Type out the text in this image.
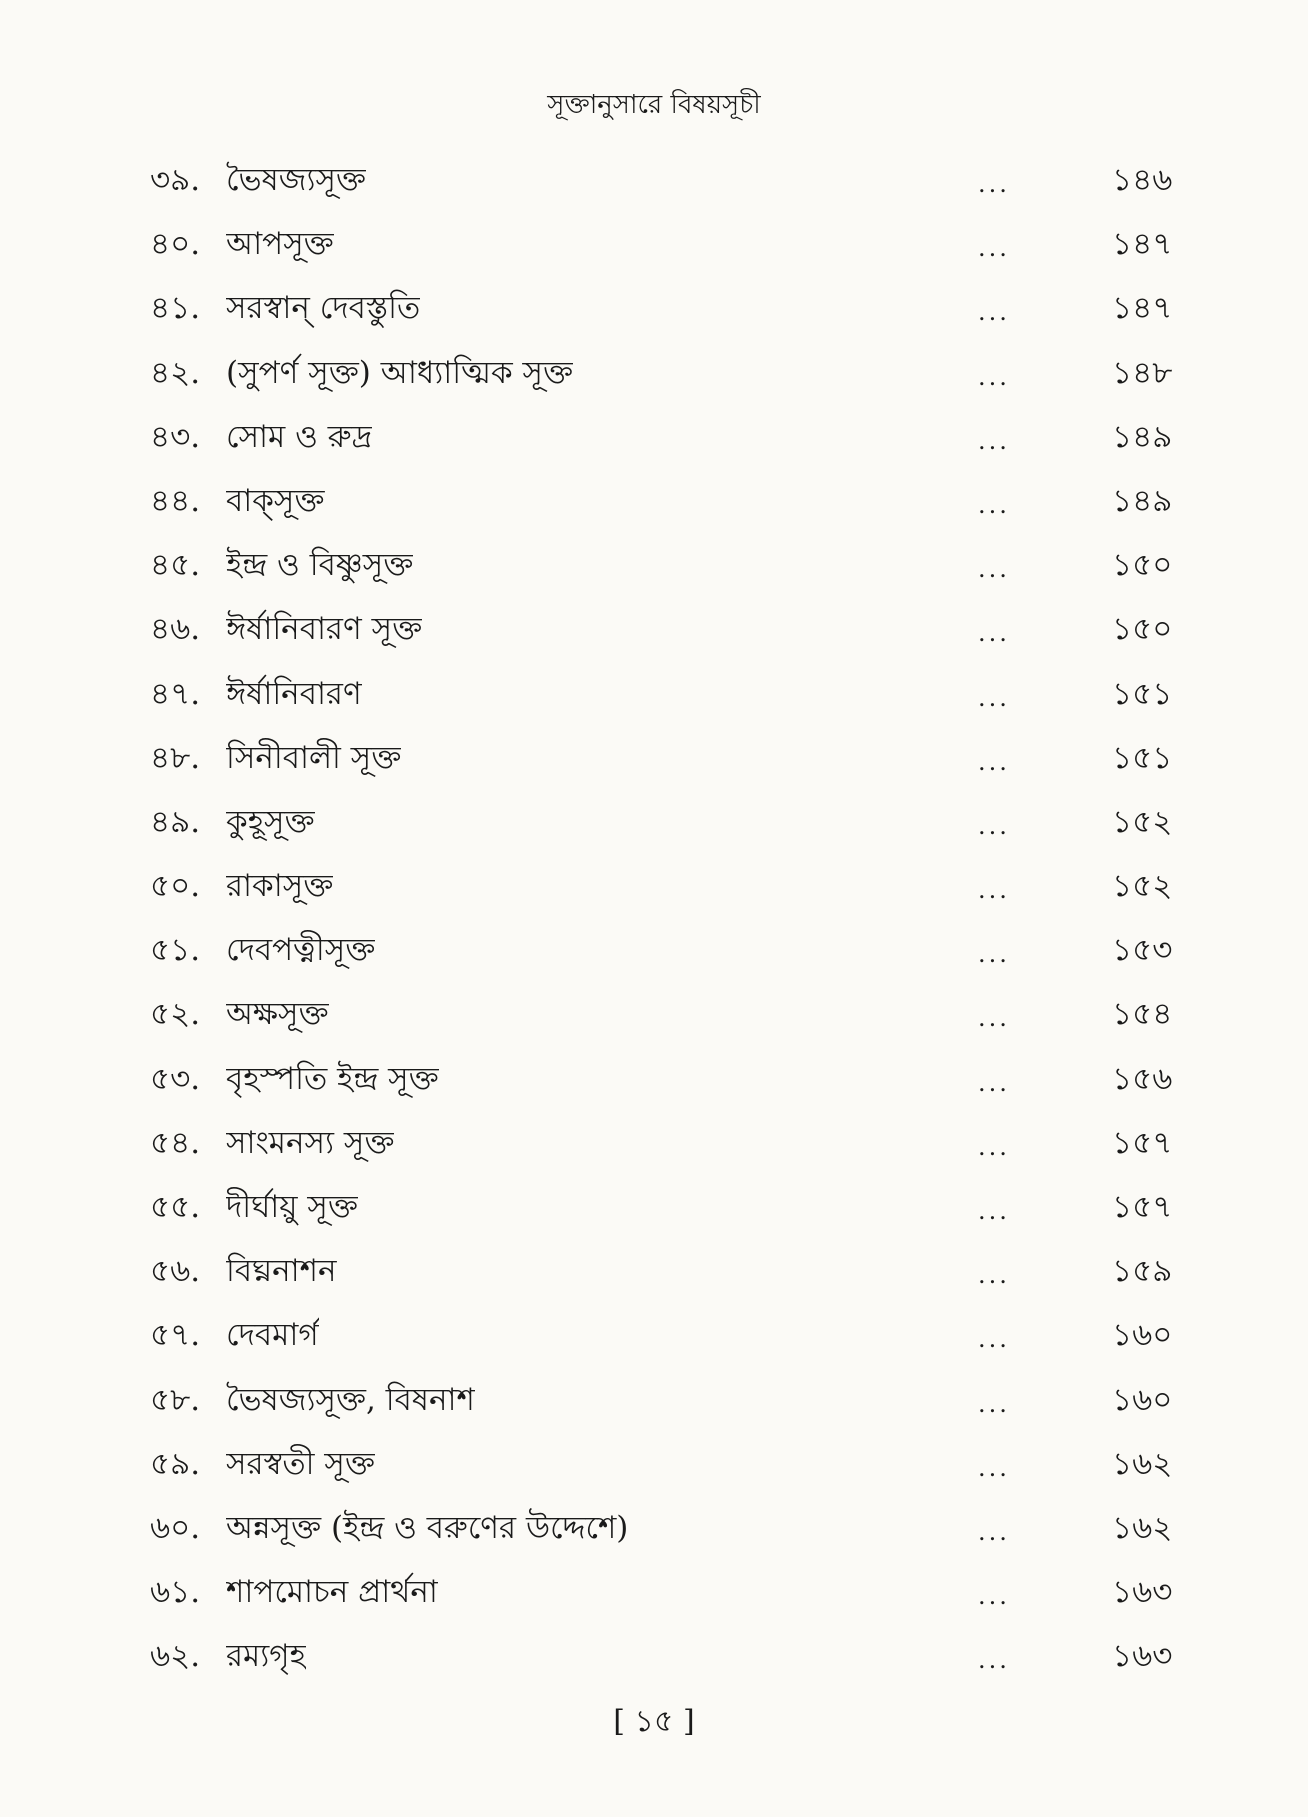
সূক্তানুসারে বিষয়সূচী
৩৯. ভৈষজ্যসূক্ত	...	১৪৬
৪০. আপসূক্ত	...	১৪৭
৪১. সরস্বান্ দেবস্তুতি	...	১৪৭
৪২. (সুপর্ণ সূক্ত) আধ্যাত্মিক সূক্ত	...	১৪৮
৪৩. সোম ও রুদ্র	...	১৪৯
৪৪. বাক্‌সূক্ত	...	১৪৯
৪৫. ইন্দ্র ও বিষ্ণুসূক্ত	...	১৫০
৪৬. ঈর্ষানিবারণ সূক্ত	...	১৫০
৪৭. ঈর্ষানিবারণ	...	১৫১
৪৮. সিনীবালী সূক্ত	...	১৫১
৪৯. কুহূসূক্ত	...	১৫২
৫০. রাকাসূক্ত	...	১৫২
৫১. দেবপত্নীসূক্ত	...	১৫৩
৫২. অক্ষসূক্ত	...	১৫৪
৫৩. বৃহস্পতি ইন্দ্র সূক্ত	...	১৫৬
৫৪. সাংমনস্য সূক্ত	...	১৫৭
৫৫. দীর্ঘায়ু সূক্ত	...	১৫৭
৫৬. বিঘ্ননাশন	...	১৫৯
৫৭. দেবমার্গ	...	১৬০
৫৮. ভৈষজ্যসূক্ত, বিষনাশ	...	১৬০
৫৯. সরস্বতী সূক্ত	...	১৬২
৬০. অন্নসূক্ত (ইন্দ্র ও বরুণের উদ্দেশে)	...	১৬২
৬১. শাপমোচন প্রার্থনা	...	১৬৩
৬২. রম্যগৃহ	...	১৬৩
[ ১৫ ]
